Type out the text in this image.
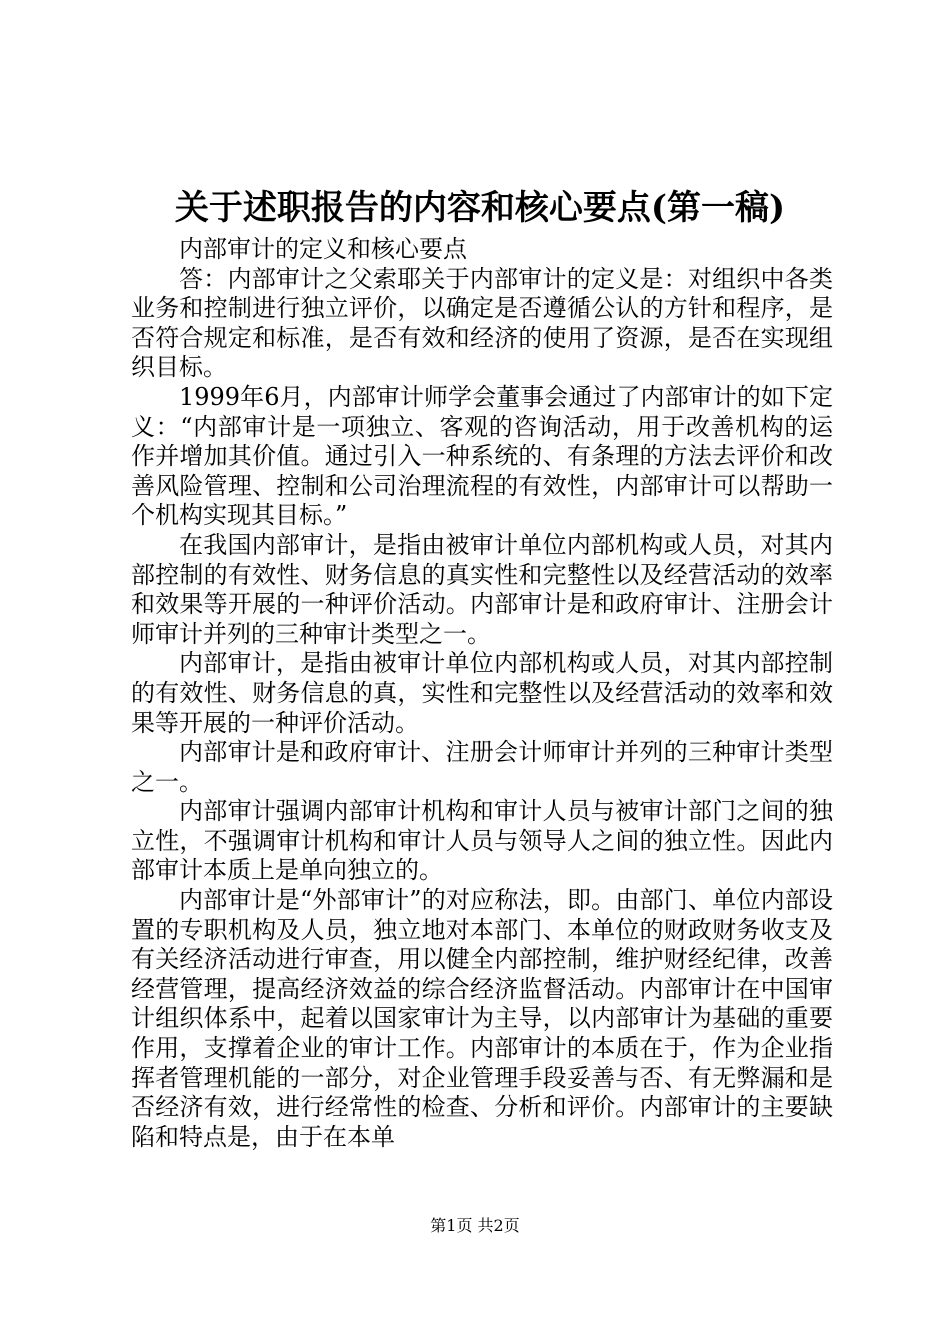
关于述职报告的内容和核心要点(第一稿)

内部审计的定义和核心要点

答：内部审计之父索耶关于内部审计的定义是：对组织中各类业务和控制进行独立评价，以确定是否遵循公认的方针和程序，是否符合规定和标准，是否有效和经济的使用了资源，是否在实现组织目标。

1999年6月，内部审计师学会董事会通过了内部审计的如下定义：“内部审计是一项独立、客观的咨询活动，用于改善机构的运作并增加其价值。通过引入一种系统的、有条理的方法去评价和改善风险管理、控制和公司治理流程的有效性，内部审计可以帮助一个机构实现其目标。”

在我国内部审计，是指由被审计单位内部机构或人员，对其内部控制的有效性、财务信息的真实性和完整性以及经营活动的效率和效果等开展的一种评价活动。内部审计是和政府审计、注册会计师审计并列的三种审计类型之一。

内部审计，是指由被审计单位内部机构或人员，对其内部控制的有效性、财务信息的真，实性和完整性以及经营活动的效率和效果等开展的一种评价活动。

内部审计是和政府审计、注册会计师审计并列的三种审计类型之一。

内部审计强调内部审计机构和审计人员与被审计部门之间的独立性，不强调审计机构和审计人员与领导人之间的独立性。因此内部审计本质上是单向独立的。

内部审计是“外部审计”的对应称法，即。由部门、单位内部设置的专职机构及人员，独立地对本部门、本单位的财政财务收支及有关经济活动进行审查，用以健全内部控制，维护财经纪律，改善经营管理，提高经济效益的综合经济监督活动。内部审计在中国审计组织体系中，起着以国家审计为主导，以内部审计为基础的重要作用，支撑着企业的审计工作。内部审计的本质在于，作为企业指挥者管理机能的一部分，对企业管理手段妥善与否、有无弊漏和是否经济有效，进行经常性的检查、分析和评价。内部审计的主要缺陷和特点是，由于在本单

第1页 共2页
